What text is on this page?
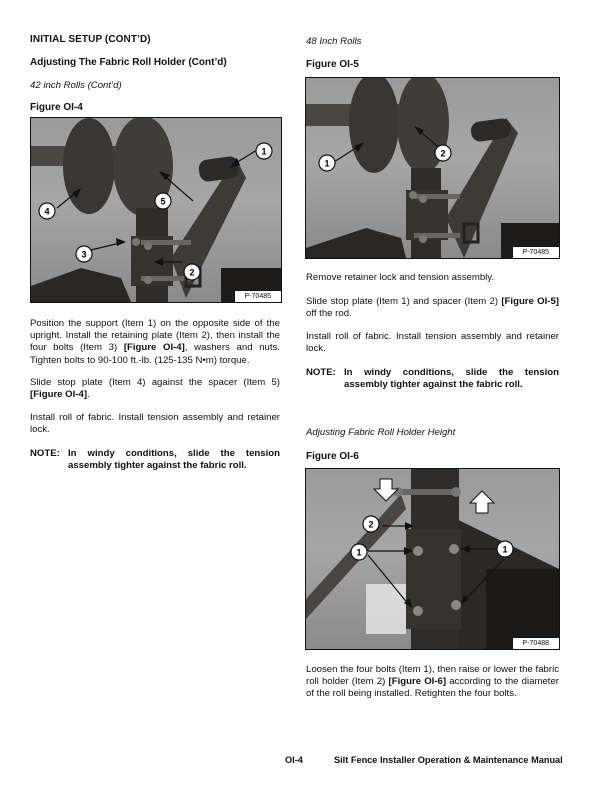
INITIAL SETUP (CONT’D)
Adjusting The Fabric Roll Holder (Cont’d)
42 inch Rolls (Cont’d)
Figure OI-4
1
2
3
4
5
P-70485
Position the support (Item 1) on the opposite side of the upright. Install the retaining plate (Item 2), then install the four bolts (Item 3) [Figure OI-4], washers and nuts. Tighten bolts to 90-100 ft.-lb. (125-135 N•m) torque.
Slide stop plate (Item 4) against the spacer (Item 5) [Figure OI-4].
Install roll of fabric. Install tension assembly and retainer lock.
NOTE: In windy conditions, slide the tension assembly tighter against the fabric roll.
48 Inch Rolls
Figure OI-5
1
2
P-70485
Remove retainer lock and tension assembly.
Slide stop plate (Item 1) and spacer (Item 2) [Figure OI-5] off the rod.
Install roll of fabric. Install tension assembly and retainer lock.
NOTE: In windy conditions, slide the tension assembly tighter against the fabric roll.
Adjusting Fabric Roll Holder Height
Figure OI-6
2
1	1
P-70488
Loosen the four bolts (Item 1), then raise or lower the fabric roll holder (Item 2) [Figure OI-6] according to the diameter of the roll being installed. Retighten the four bolts.
OI-4	Silt Fence Installer Operation & Maintenance Manual
